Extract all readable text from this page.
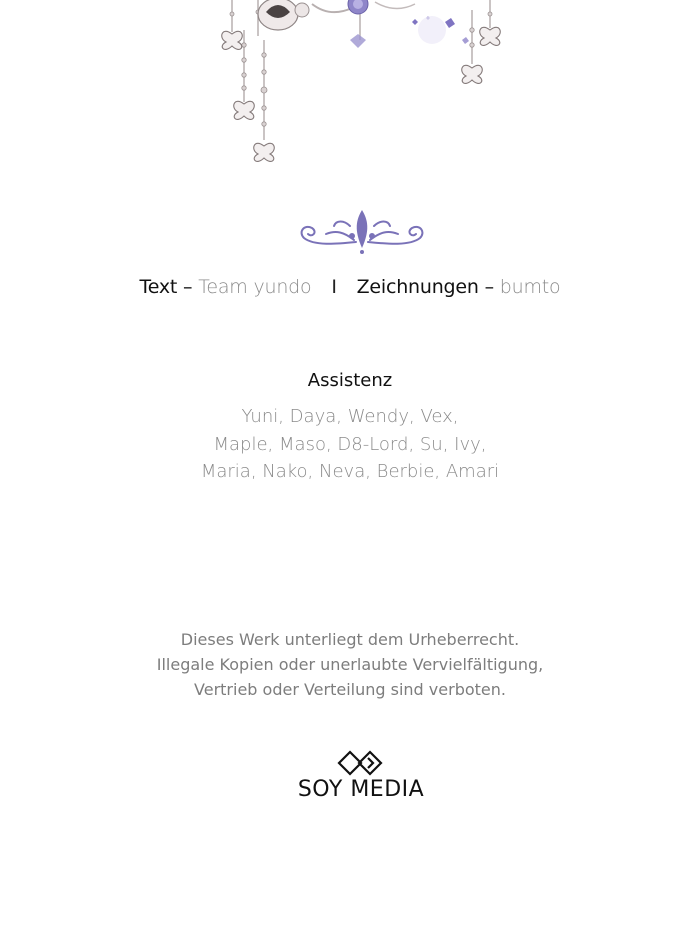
Text – Team yundo I Zeichnungen – bumto
Assistenz
Yuni, Daya, Wendy, Vex,
Maple, Maso, D8-Lord, Su, Ivy,
Maria, Nako, Neva, Berbie, Amari
Dieses Werk unterliegt dem Urheberrecht.
Illegale Kopien oder unerlaubte Vervielfältigung,
Vertrieb oder Verteilung sind verboten.
SOY MEDIA
